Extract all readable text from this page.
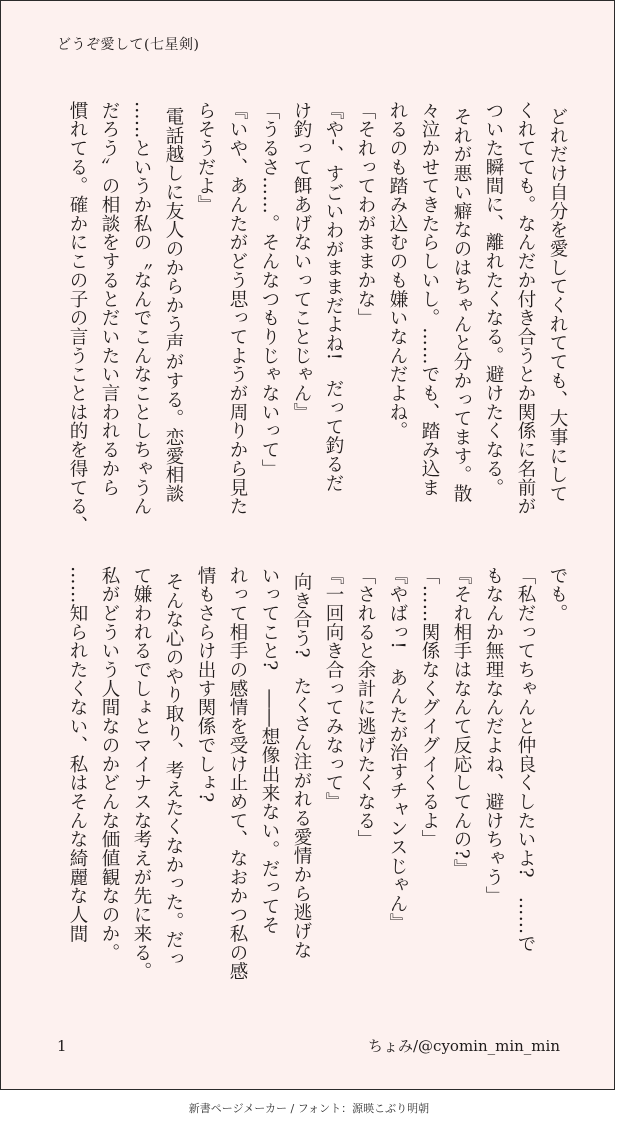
どうぞ愛して(七星剣)
どれだけ自分を愛してくれてても、大事にして
くれてても。なんだか付き合うとか関係に名前が
ついた瞬間に、離れたくなる。避けたくなる。
それが悪い癖なのはちゃんと分かってます。散
々泣かせてきたらしいし。……でも、踏み込ま
れるのも踏み込むのも嫌いなんだよね。
「それってわがままかな」
『や-、すごいわがままだよね!　だって釣るだ
け釣って餌あげないってことじゃん』
「うるさ……。そんなつもりじゃないって」
『いや、あんたがどう思ってようが周りから見た
らそうだよ』
電話越しに友人のからかう声がする。恋愛相談
……というか私の〝なんでこんなことしちゃうん
だろう〟の相談をするとだいたい言われるから
慣れてる。確かにこの子の言うことは的を得てる、
でも。
「私だってちゃんと仲良くしたいよ?　……で
もなんか無理なんだよね、避けちゃう」
『それ相手はなんて反応してんの?』
「……関係なくグイグイくるよ」
『やばっ!　あんたが治すチャンスじゃん』
「されると余計に逃げたくなる」
『一回向き合ってみなって』
向き合う?　たくさん注がれる愛情から逃げな
いってこと?　――想像出来ない。だってそ
れって相手の感情を受け止めて、なおかつ私の感
情もさらけ出す関係でしょ?
そんな心のやり取り、考えたくなかった。だっ
て嫌われるでしょとマイナスな考えが先に来る。
私がどういう人間なのかどんな価値観なのか。
……知られたくない、私はそんな綺麗な人間
1	ちょみ/@cyomin_min_min
新書ページメーカー / フォント：源暎こぶり明朝
